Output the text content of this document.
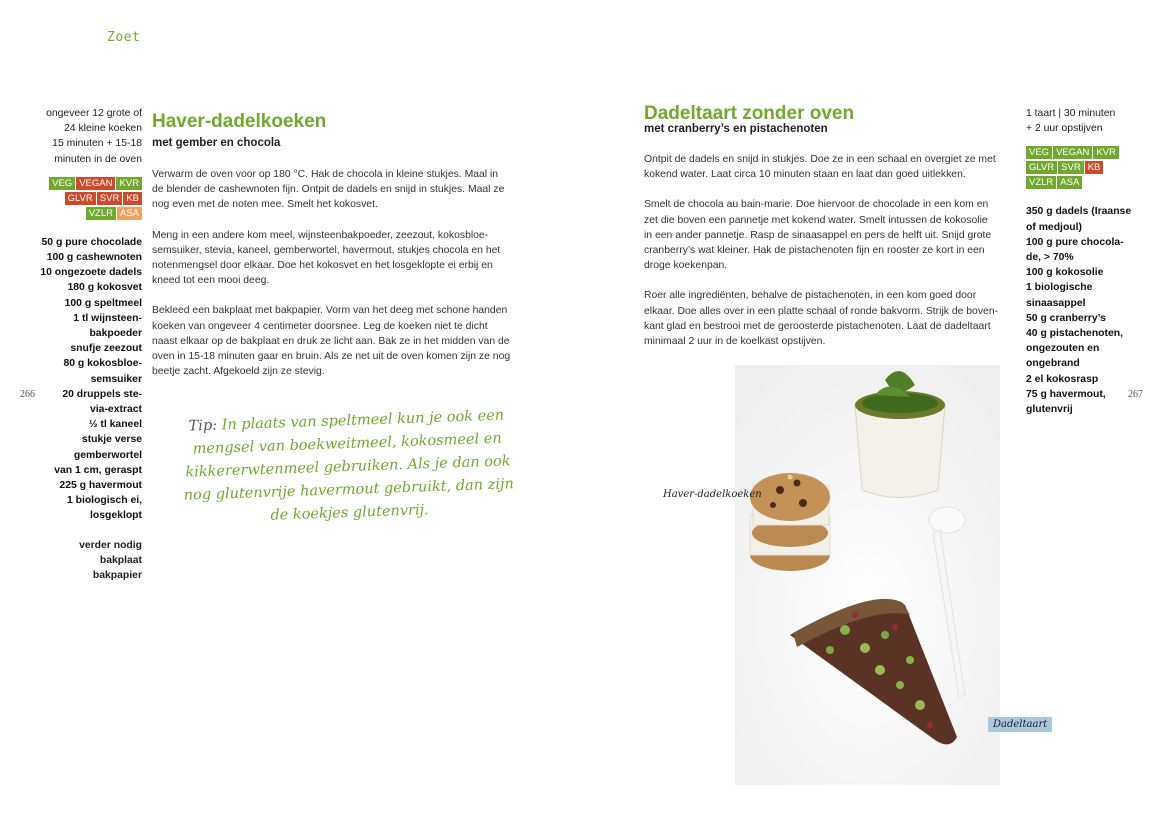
Zoet
266
ongeveer 12 grote of
24 kleine koeken
15 minuten + 15-18
minuten in de oven
VEG VEGAN KVR
GLVR SVR KB
VZLR ASA
50 g pure chocolade
100 g cashewnoten
10 ongezoete dadels
180 g kokosvet
100 g speltmeel
1 tl wijnsteen-
bakpoeder
snufje zeezout
80 g kokosbloe-
semsuiker
20 druppels ste-
via-extract
½ tl kaneel
stukje verse
gemberwortel
van 1 cm, geraspt
225 g havermout
1 biologisch ei,
losgeklopt
verder nodig
bakplaat
bakpapier
Haver-dadelkoeken
met gember en chocola

Verwarm de oven voor op 180 °C. Hak de chocola in kleine stukjes. Maal in
de blender de cashewnoten fijn. Ontpit de dadels en snijd in stukjes. Maal ze
nog even met de noten mee. Smelt het kokosvet.

Meng in een andere kom meel, wijnsteenbakpoeder, zeezout, kokosbloe-
semsuiker, stevia, kaneel, gemberwortel, havermout, stukjes chocola en het
notenmengsel door elkaar. Doe het kokosvet en het losgeklopte ei erbij en
kneed tot een mooi deeg.

Bekleed een bakplaat met bakpapier. Vorm van het deeg met schone handen
koeken van ongeveer 4 centimeter doorsnee. Leg de koeken niet te dicht
naast elkaar op de bakplaat en druk ze licht aan. Bak ze in het midden van de
oven in 15-18 minuten gaar en bruin. Als ze net uit de oven komen zijn ze nog
beetje zacht. Afgekoeld zijn ze stevig.

Tip: In plaats van speltmeel kun je ook een mengsel van boekweitmeel, kokosmeel en kikkererwtenmeel gebruiken. Als je dan ook nog glutenvrije havermout gebruikt, dan zijn de koekjes glutenvrij.
267
Dadeltaart zonder oven
met cranberry’s en pistachenoten

Ontpit de dadels en snijd in stukjes. Doe ze in een schaal en overgiet ze met
kokend water. Laat circa 10 minuten staan en laat dan goed uitlekken.

Smelt de chocola au bain-marie. Doe hiervoor de chocolade in een kom en
zet die boven een pannetje met kokend water. Smelt intussen de kokosolie
in een ander pannetje. Rasp de sinaasappel en pers de helft uit. Snijd grote
cranberry’s wat kleiner. Hak de pistachenoten fijn en rooster ze kort in een
droge koekenpan.

Roer alle ingrediënten, behalve de pistachenoten, in een kom goed door
elkaar. Doe alles over in een platte schaal of ronde bakvorm. Strijk de boven-
kant glad en bestrooi met de geroosterde pistachenoten. Laat de dadeltaart
minimaal 2 uur in de koelkast opstijven.

1 taart | 30 minuten
+ 2 uur opstijven
VEG VEGAN KVR
GLVR SVR KB
VZLR ASA
350 g dadels (Iraanse
of medjoul)
100 g pure chocola-
de, > 70%
100 g kokosolie
1 biologische
sinaasappel
50 g cranberry’s
40 g pistachenoten,
ongezouten en
ongebrand
2 el kokosrasp
75 g havermout,
glutenvrij
Haver-dadelkoeken
Dadeltaart
